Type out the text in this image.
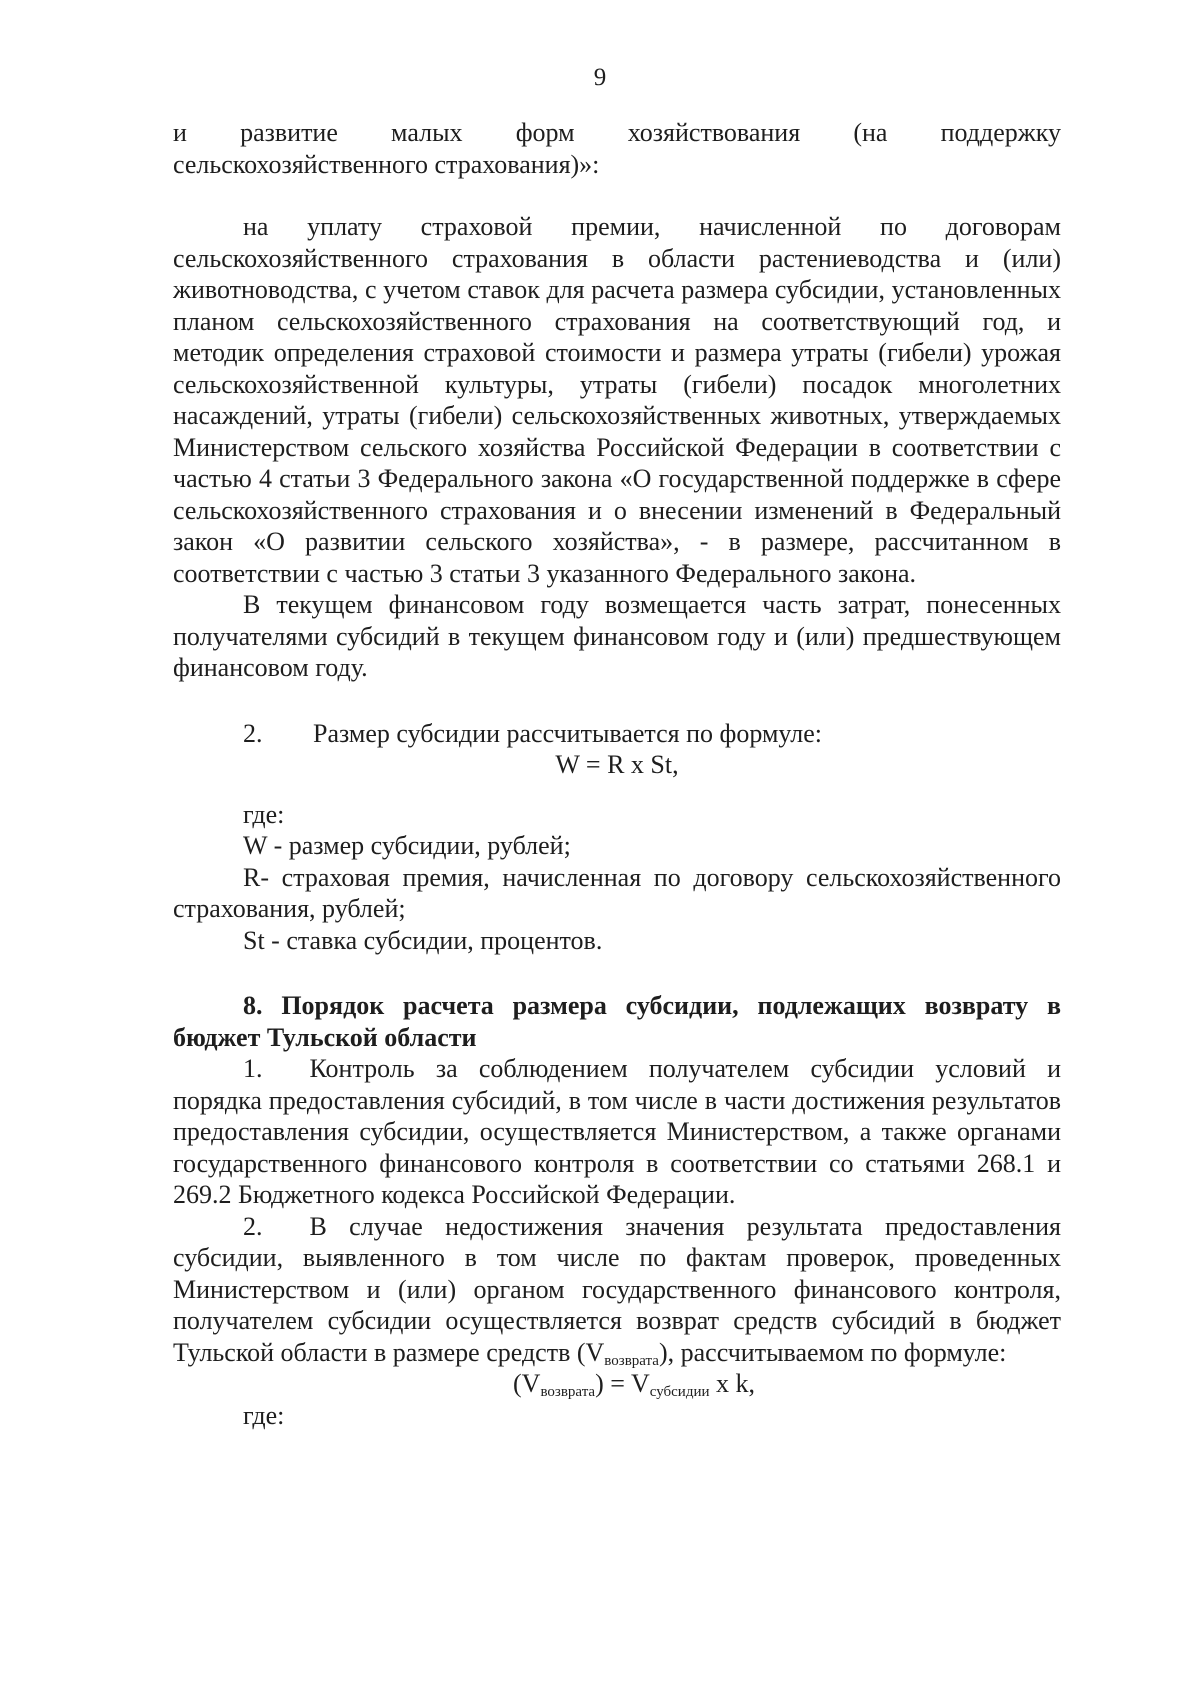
9

и развитие малых форм хозяйствования (на поддержку

сельскохозяйственного страхования)»:

на уплату страховой премии, начисленной по договорам сельскохозяйственного страхования в области растениеводства и (или) животноводства, с учетом ставок для расчета размера субсидии, установленных планом сельскохозяйственного страхования на соответствующий год, и методик определения страховой стоимости и размера утраты (гибели) урожая сельскохозяйственной культуры, утраты (гибели) посадок многолетних насаждений, утраты (гибели) сельскохозяйственных животных, утверждаемых Министерством сельского хозяйства Российской Федерации в соответствии с частью 4 статьи 3 Федерального закона «О государственной поддержке в сфере сельскохозяйственного страхования и о внесении изменений в Федеральный закон «О развитии сельского хозяйства», - в размере, рассчитанном в соответствии с частью 3 статьи 3 указанного Федерального закона.

В текущем финансовом году возмещается часть затрат, понесенных получателями субсидий в текущем финансовом году и (или) предшествующем финансовом году.

2.	Размер субсидии рассчитывается по формуле:

W = R x St,

где:

W - размер субсидии, рублей;

R- страховая премия, начисленная по договору сельскохозяйственного страхования, рублей;

St - ставка субсидии, процентов.

8. Порядок расчета размера субсидии, подлежащих возврату в бюджет Тульской области

1. Контроль за соблюдением получателем субсидии условий и порядка предоставления субсидий, в том числе в части достижения результатов предоставления субсидии, осуществляется Министерством, а также органами государственного финансового контроля в соответствии со статьями 268.1 и 269.2 Бюджетного кодекса Российской Федерации.
2. В случае недостижения значения результата предоставления субсидии, выявленного в том числе по фактам проверок, проведенных Министерством и (или) органом государственного финансового контроля, получателем субсидии осуществляется возврат средств субсидий в бюджет Тульской области в размере средств $(V_{возврата})$, рассчитываемом по формуле:

$(V_{возврата}) = V_{субсидии}$ x k,

где:
